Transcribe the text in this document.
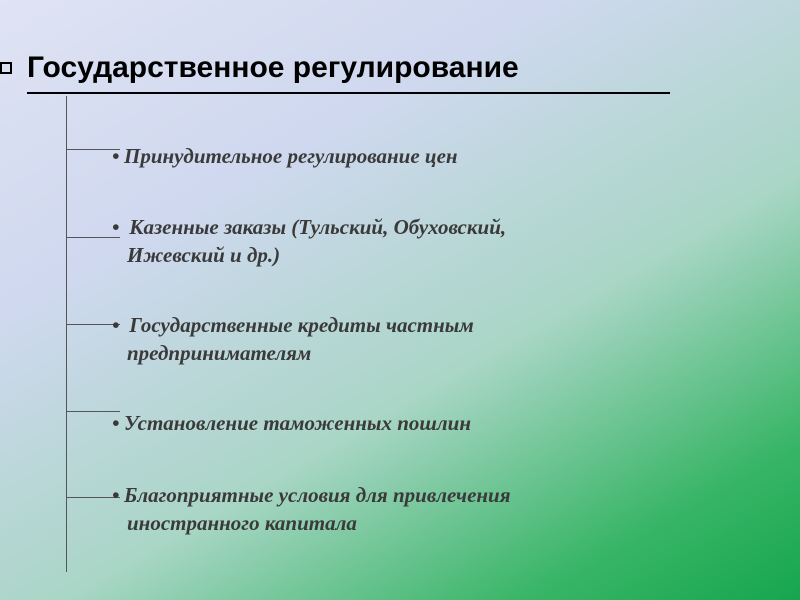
Государственное регулирование
• Принудительное регулирование цен
• Казенные заказы (Тульский, Обуховский,
Ижевский и др.)
• Государственные кредиты частным
предпринимателям
• Установление таможенных пошлин
• Благоприятные условия для привлечения
иностранного капитала
